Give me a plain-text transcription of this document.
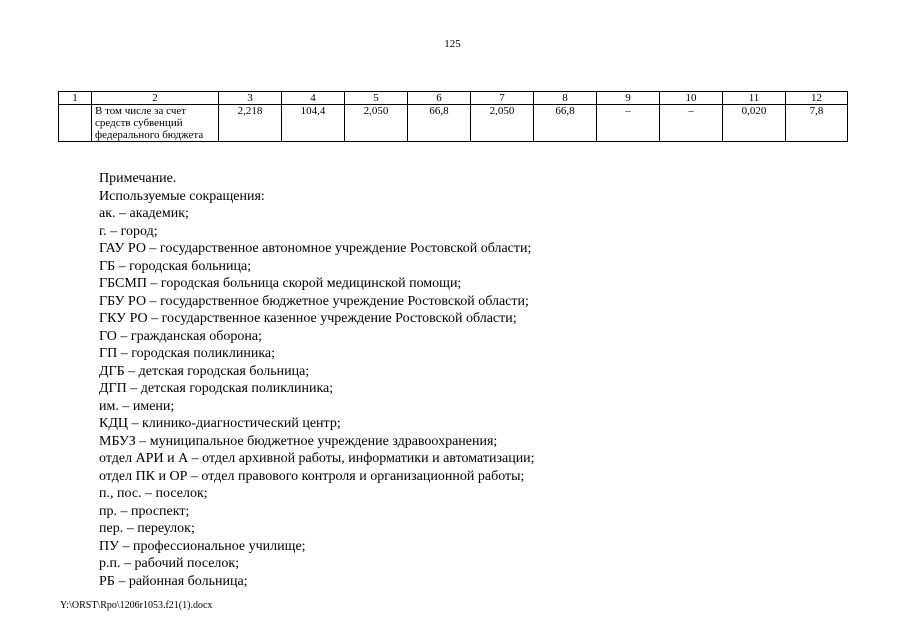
125
1	2	3	4	5	6	7	8	9	10	11	12

	В том числе за счет
средств субвенций
федерального бюджета	2,218	104,4	2,050	66,8	2,050	66,8	–	–	0,020	7,8
Примечание.
Используемые сокращения:
ак. – академик;
г. – город;
ГАУ РО – государственное автономное учреждение Ростовской области;
ГБ – городская больница;
ГБСМП – городская больница скорой медицинской помощи;
ГБУ РО – государственное бюджетное учреждение Ростовской области;
ГКУ РО – государственное казенное учреждение Ростовской области;
ГО – гражданская оборона;
ГП – городская поликлиника;
ДГБ – детская городская больница;
ДГП – детская городская поликлиника;
им. – имени;
КДЦ – клинико-диагностический центр;
МБУЗ – муниципальное бюджетное учреждение здравоохранения;
отдел АРИ и А – отдел архивной работы, информатики и автоматизации;
отдел ПК и ОР – отдел правового контроля и организационной работы;
п., пос. – поселок;
пр. – проспект;
пер. – переулок;
ПУ – профессиональное училище;
р.п. – рабочий поселок;
РБ – районная больница;
Y:\ORST\Rpo\1206r1053.f21(1).docx
